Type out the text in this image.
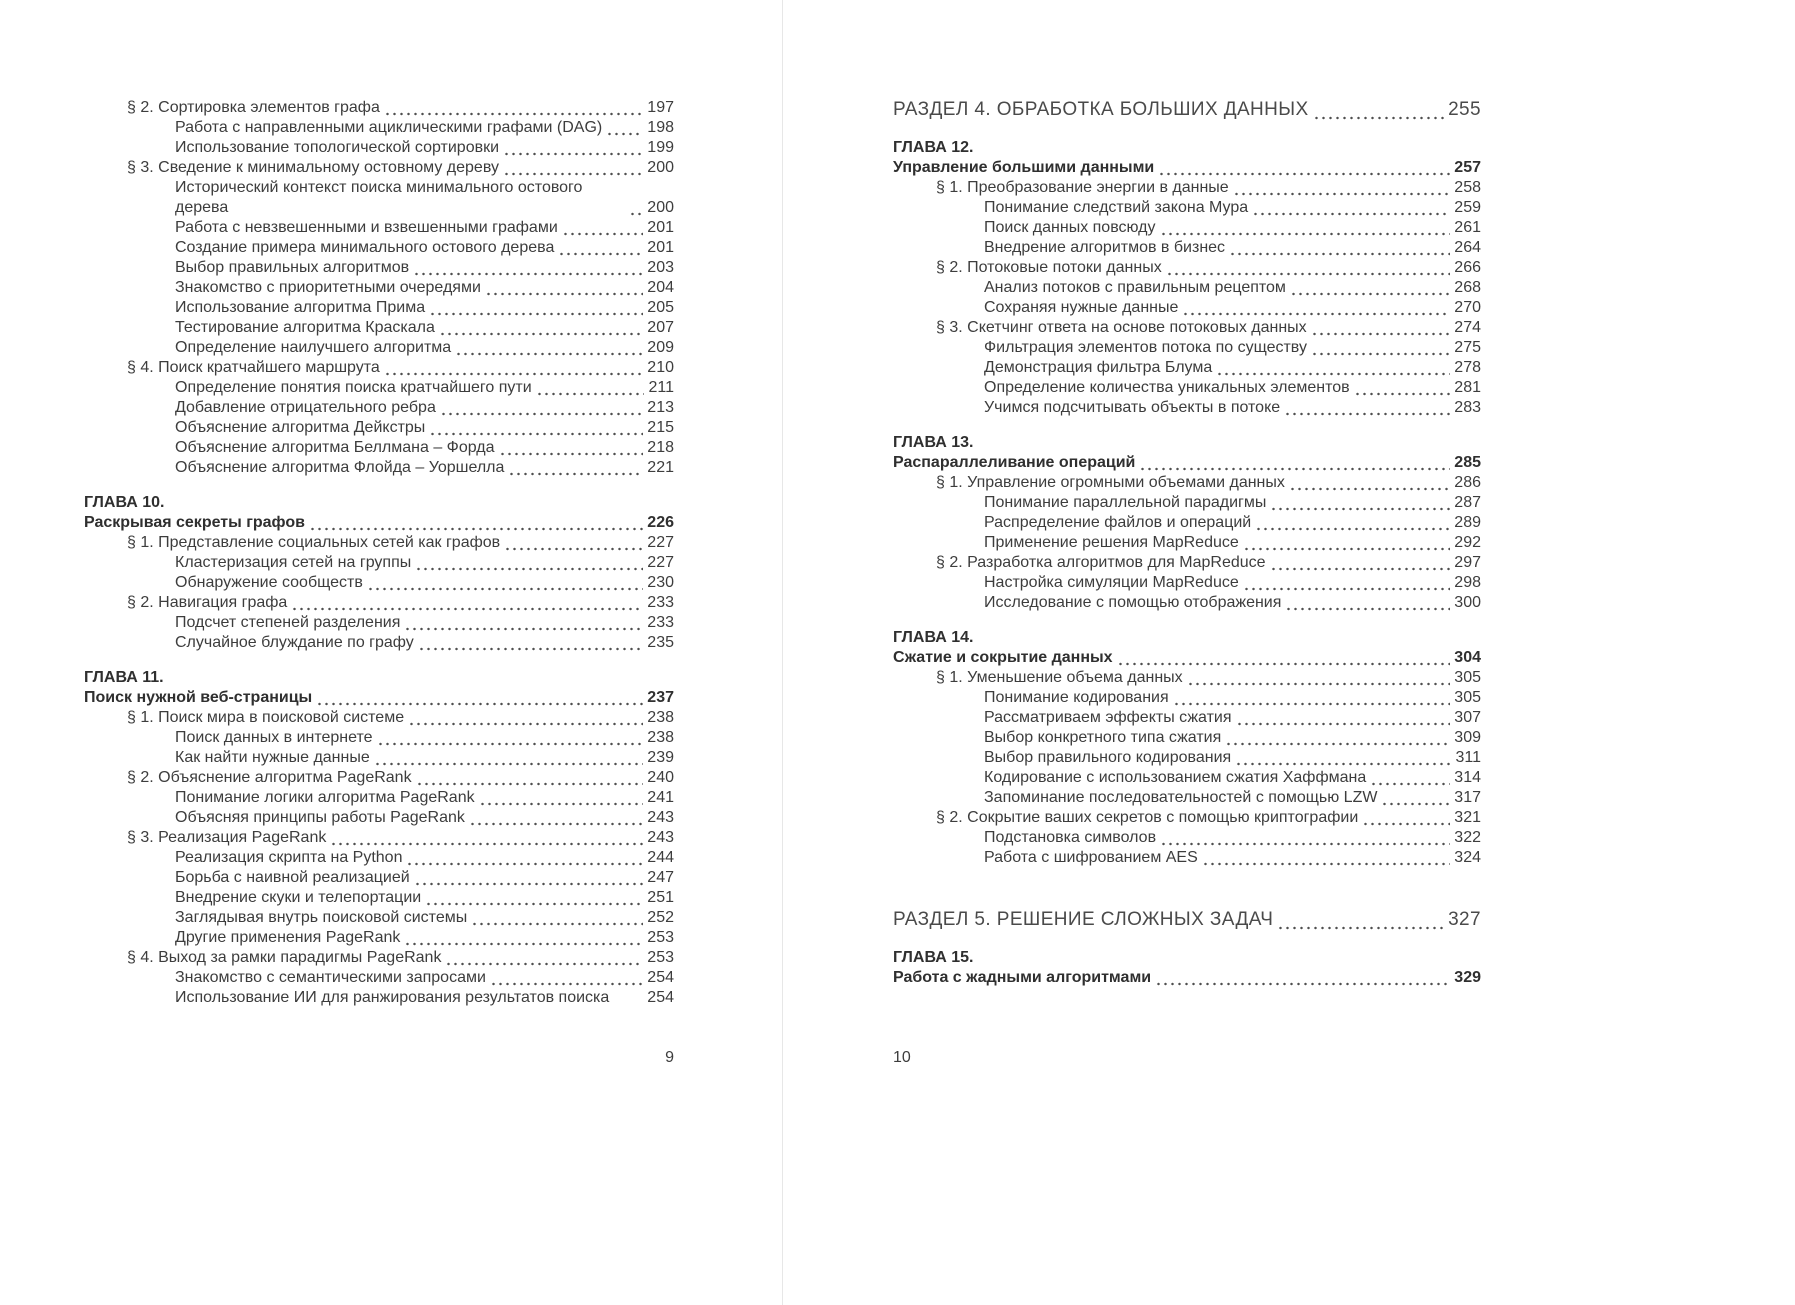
§ 2. Сортировка элементов графа	197
Работа с направленными ациклическими графами (DAG)	198
Использование топологической сортировки	199
§ 3. Сведение к минимальному остовному дереву	200
Исторический контекст поиска минимального остового дерева	200
Работа с невзвешенными и взвешенными графами	201
Создание примера минимального остового дерева	201
Выбор правильных алгоритмов	203
Знакомство с приоритетными очередями	204
Использование алгоритма Прима	205
Тестирование алгоритма Краскала	207
Определение наилучшего алгоритма	209
§ 4. Поиск кратчайшего маршрута	210
Определение понятия поиска кратчайшего пути	211
Добавление отрицательного ребра	213
Объяснение алгоритма Дейкстры	215
Объяснение алгоритма Беллмана – Форда	218
Объяснение алгоритма Флойда – Уоршелла	221
ГЛАВА 10.
Раскрывая секреты графов	226
§ 1. Представление социальных сетей как графов	227
Кластеризация сетей на группы	227
Обнаружение сообществ	230
§ 2. Навигация графа	233
Подсчет степеней разделения	233
Случайное блуждание по графу	235
ГЛАВА 11.
Поиск нужной веб-страницы	237
§ 1. Поиск мира в поисковой системе	238
Поиск данных в интернете	238
Как найти нужные данные	239
§ 2. Объяснение алгоритма PageRank	240
Понимание логики алгоритма PageRank	241
Объясняя принципы работы PageRank	243
§ 3. Реализация PageRank	243
Реализация скрипта на Python	244
Борьба с наивной реализацией	247
Внедрение скуки и телепортации	251
Заглядывая внутрь поисковой системы	252
Другие применения PageRank	253
§ 4. Выход за рамки парадигмы PageRank	253
Знакомство с семантическими запросами	254
Использование ИИ для ранжирования результатов поиска 254
РАЗДЕЛ 4. ОБРАБОТКА БОЛЬШИХ ДАННЫХ	255
ГЛАВА 12.
Управление большими данными	257
§ 1. Преобразование энергии в данные	258
Понимание следствий закона Мура	259
Поиск данных повсюду	261
Внедрение алгоритмов в бизнес	264
§ 2. Потоковые потоки данных	266
Анализ потоков с правильным рецептом	268
Сохраняя нужные данные	270
§ 3. Скетчинг ответа на основе потоковых данных	274
Фильтрация элементов потока по существу	275
Демонстрация фильтра Блума	278
Определение количества уникальных элементов	281
Учимся подсчитывать объекты в потоке	283
ГЛАВА 13.
Распараллеливание операций	285
§ 1. Управление огромными объемами данных	286
Понимание параллельной парадигмы	287
Распределение файлов и операций	289
Применение решения MapReduce	292
§ 2. Разработка алгоритмов для MapReduce	297
Настройка симуляции MapReduce	298
Исследование с помощью отображения	300
ГЛАВА 14.
Сжатие и сокрытие данных	304
§ 1. Уменьшение объема данных	305
Понимание кодирования	305
Рассматриваем эффекты сжатия	307
Выбор конкретного типа сжатия	309
Выбор правильного кодирования	311
Кодирование с использованием сжатия Хаффмана	314
Запоминание последовательностей с помощью LZW	317
§ 2. Сокрытие ваших секретов с помощью криптографии	321
Подстановка символов	322
Работа с шифрованием AES	324
РАЗДЕЛ 5. РЕШЕНИЕ СЛОЖНЫХ ЗАДАЧ	327
ГЛАВА 15.
Работа с жадными алгоритмами	329
9	10
